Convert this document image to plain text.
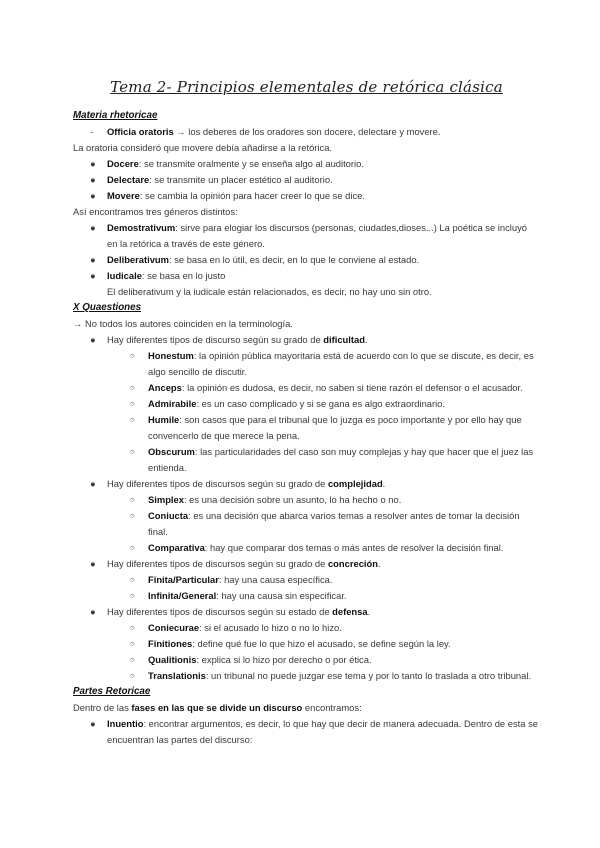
Tema 2- Principios elementales de retórica clásica
Materia rhetoricae
- Officia oratoris → los deberes de los oradores son docere, delectare y movere.
La oratoria consideró que movere debía añadirse a la retórica.
● Docere: se transmite oralmente y se enseña algo al auditorio.
● Delectare: se transmite un placer estético al auditorio.
● Movere: se cambia la opinión para hacer creer lo que se dice.
Así encontramos tres géneros distintos:
● Demostrativum: sirve para elogiar los discursos (personas, ciudades,dioses...) La poética se incluyó en la retórica a través de este género.
● Deliberativum: se basa en lo útil, es decir, en lo que le conviene al estado.
● Iudicale: se basa en lo justo
El deliberativum y la iudicale están relacionados, es decir, no hay uno sin otro.
X Quaestiones
→ No todos los autores coinciden en la terminología.
● Hay diferentes tipos de discurso según su grado de dificultad.
○ Honestum: la opinión pública mayoritaria está de acuerdo con lo que se discute, es decir, es algo sencillo de discutir.
○ Anceps: la opinión es dudosa, es decir, no saben si tiene razón el defensor o el acusador.
○ Admirabile: es un caso complicado y si se gana es algo extraordinario.
○ Humile: son casos que para el tribunal que lo juzga es poco importante y por ello hay que convencerlo de que merece la pena.
○ Obscurum: las particularidades del caso son muy complejas y hay que hacer que el juez las entienda.
● Hay diferentes tipos de discursos según su grado de complejidad.
○ Simplex: es una decisión sobre un asunto, lo ha hecho o no.
○ Coniucta: es una decisión que abarca varios temas a resolver antes de tomar la decisión final.
○ Comparativa: hay que comparar dos temas o más antes de resolver la decisión final.
● Hay diferentes tipos de discursos según su grado de concreción.
○ Finita/Particular: hay una causa específica.
○ Infinita/General: hay una causa sin especificar.
● Hay diferentes tipos de discursos según su estado de defensa.
○ Coniecurae: si el acusado lo hizo o no lo hizo.
○ Finitiones: define qué fue lo que hizo el acusado, se define según la ley.
○ Qualitionis: explica si lo hizo por derecho o por ética.
○ Translationis: un tribunal no puede juzgar ese tema y por lo tanto lo traslada a otro tribunal.
Partes Retoricae
Dentro de las fases en las que se divide un discurso encontramos:
● Inuentio: encontrar argumentos, es decir, lo que hay que decir de manera adecuada. Dentro de esta se encuentran las partes del discurso:
